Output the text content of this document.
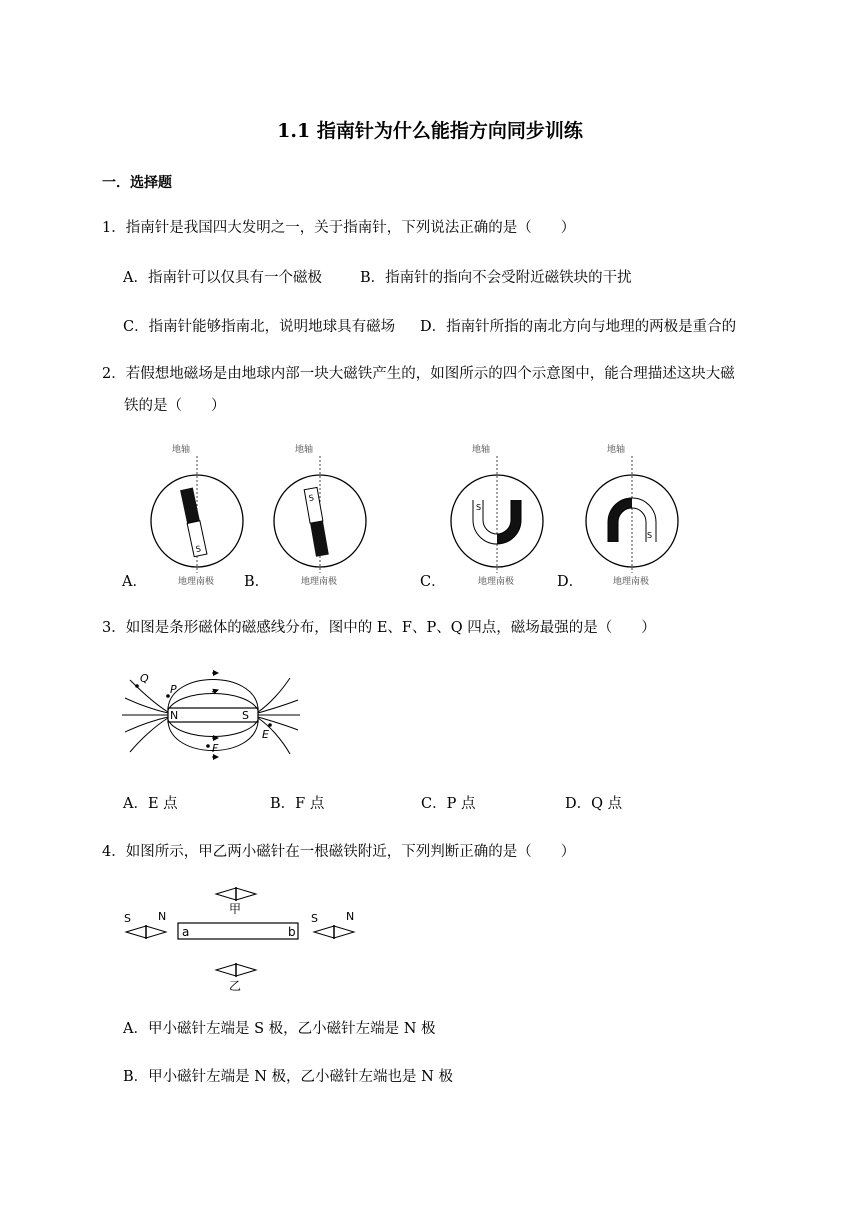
1.1 指南针为什么能指方向同步训练
一．选择题
1．指南针是我国四大发明之一，关于指南针，下列说法正确的是（　　）
A．指南针可以仅具有一个磁极	B．指南针的指向不会受附近磁铁块的干扰
C．指南针能够指南北，说明地球具有磁场 D．指南针所指的南北方向与地理的两极是重合的
2．若假想地磁场是由地球内部一块大磁铁产生的，如图所示的四个示意图中，能合理描述这块大磁
铁的是（　　）
地轴
S
地理南极
A．
地轴
S
地理南极
B．
地轴
S
地理南极
C．
地轴
S
地理南极
D．
3．如图是条形磁体的磁感线分布，图中的 E、F、P、Q 四点，磁场最强的是（　　）
N	S
Q
P
F
E
A．E 点	B．F 点	C．P 点	D．Q 点
4．如图所示，甲乙两小磁针在一根磁铁附近，下列判断正确的是（　　）
甲
S N
a	b
S	N
乙
A．甲小磁针左端是 S 极，乙小磁针左端是 N 极
B．甲小磁针左端是 N 极，乙小磁针左端也是 N 极
